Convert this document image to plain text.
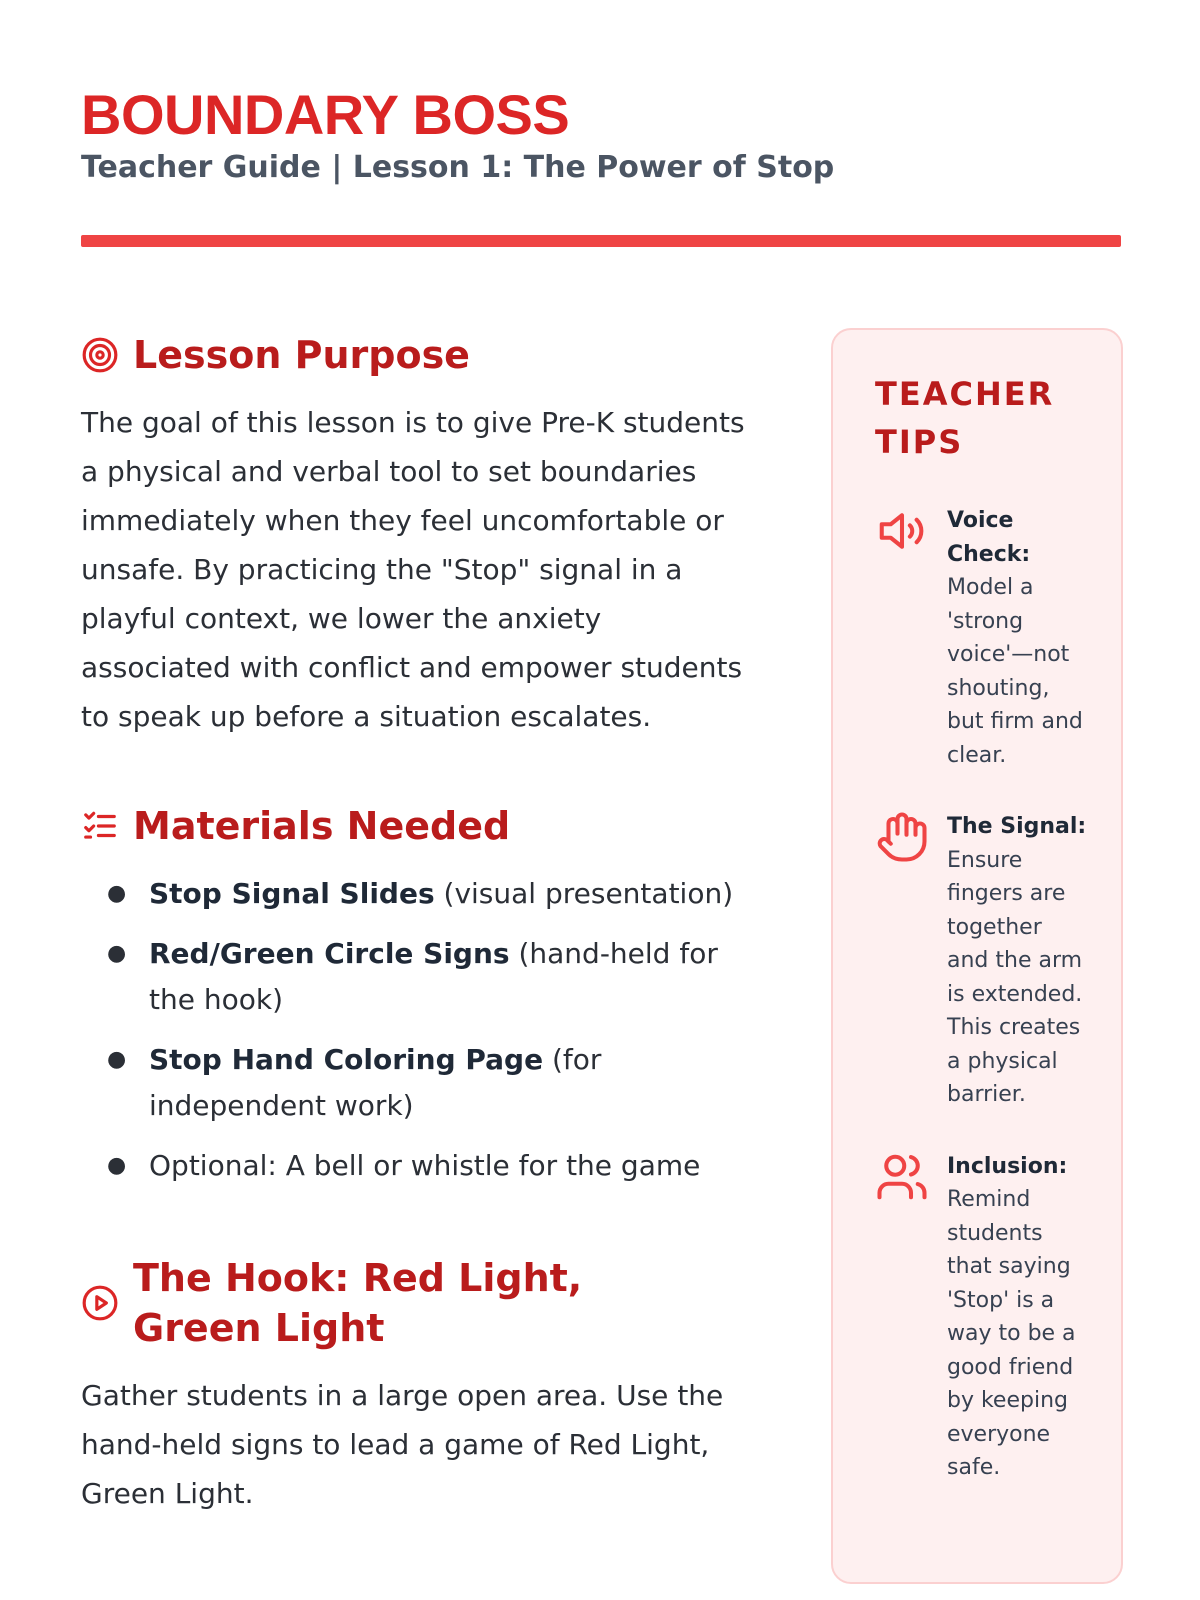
BOUNDARY BOSS
Teacher Guide | Lesson 1: The Power of Stop
Lesson Purpose

The goal of this lesson is to give Pre-K students a physical and verbal tool to set boundaries immediately when they feel uncomfortable or unsafe. By practicing the "Stop" signal in a playful context, we lower the anxiety associated with conflict and empower students to speak up before a situation escalates.

Materials Needed
● Stop Signal Slides (visual presentation)
● Red/Green Circle Signs (hand-held for the hook)
● Stop Hand Coloring Page (for independent work)
● Optional: A bell or whistle for the game
The Hook: Red Light, Green Light

Gather students in a large open area. Use the hand-held signs to lead a game of Red Light, Green Light.

TEACHER TIPS
Voice Check: Model a 'strong voice'—not shouting, but firm and clear.
The Signal: Ensure fingers are together and the arm is extended. This creates a physical barrier.
Inclusion: Remind students that saying 'Stop' is a way to be a good friend by keeping everyone safe.
